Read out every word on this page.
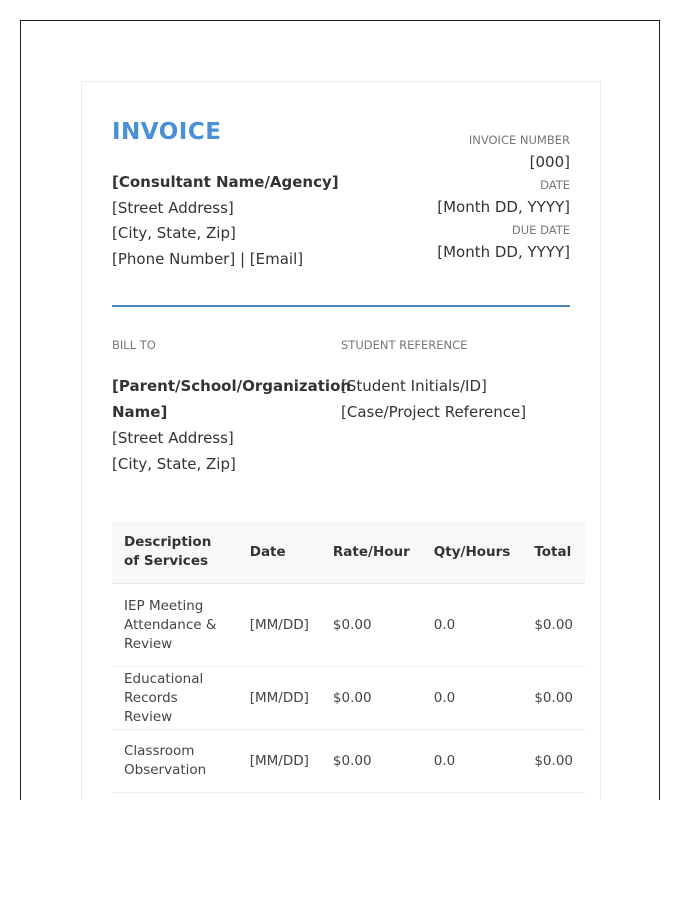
INVOICE
[Consultant Name/Agency]
[Street Address]
[City, State, Zip]
[Phone Number] | [Email]
INVOICE NUMBER
[000]
DATE
[Month DD, YYYY]
DUE DATE
[Month DD, YYYY]
BILL TO	STUDENT REFERENCE
[Parent/School/Organization Name]
[Street Address]
[City, State, Zip]
[Student Initials/ID]
[Case/Project Reference]
Description of Services	Date	Rate/Hour	Qty/Hours	Total
IEP Meeting Attendance & Review	[MM/DD]	$0.00	0.0	$0.00
Educational Records Review	[MM/DD]	$0.00	0.0	$0.00
Classroom Observation	[MM/DD]	$0.00	0.0	$0.00
